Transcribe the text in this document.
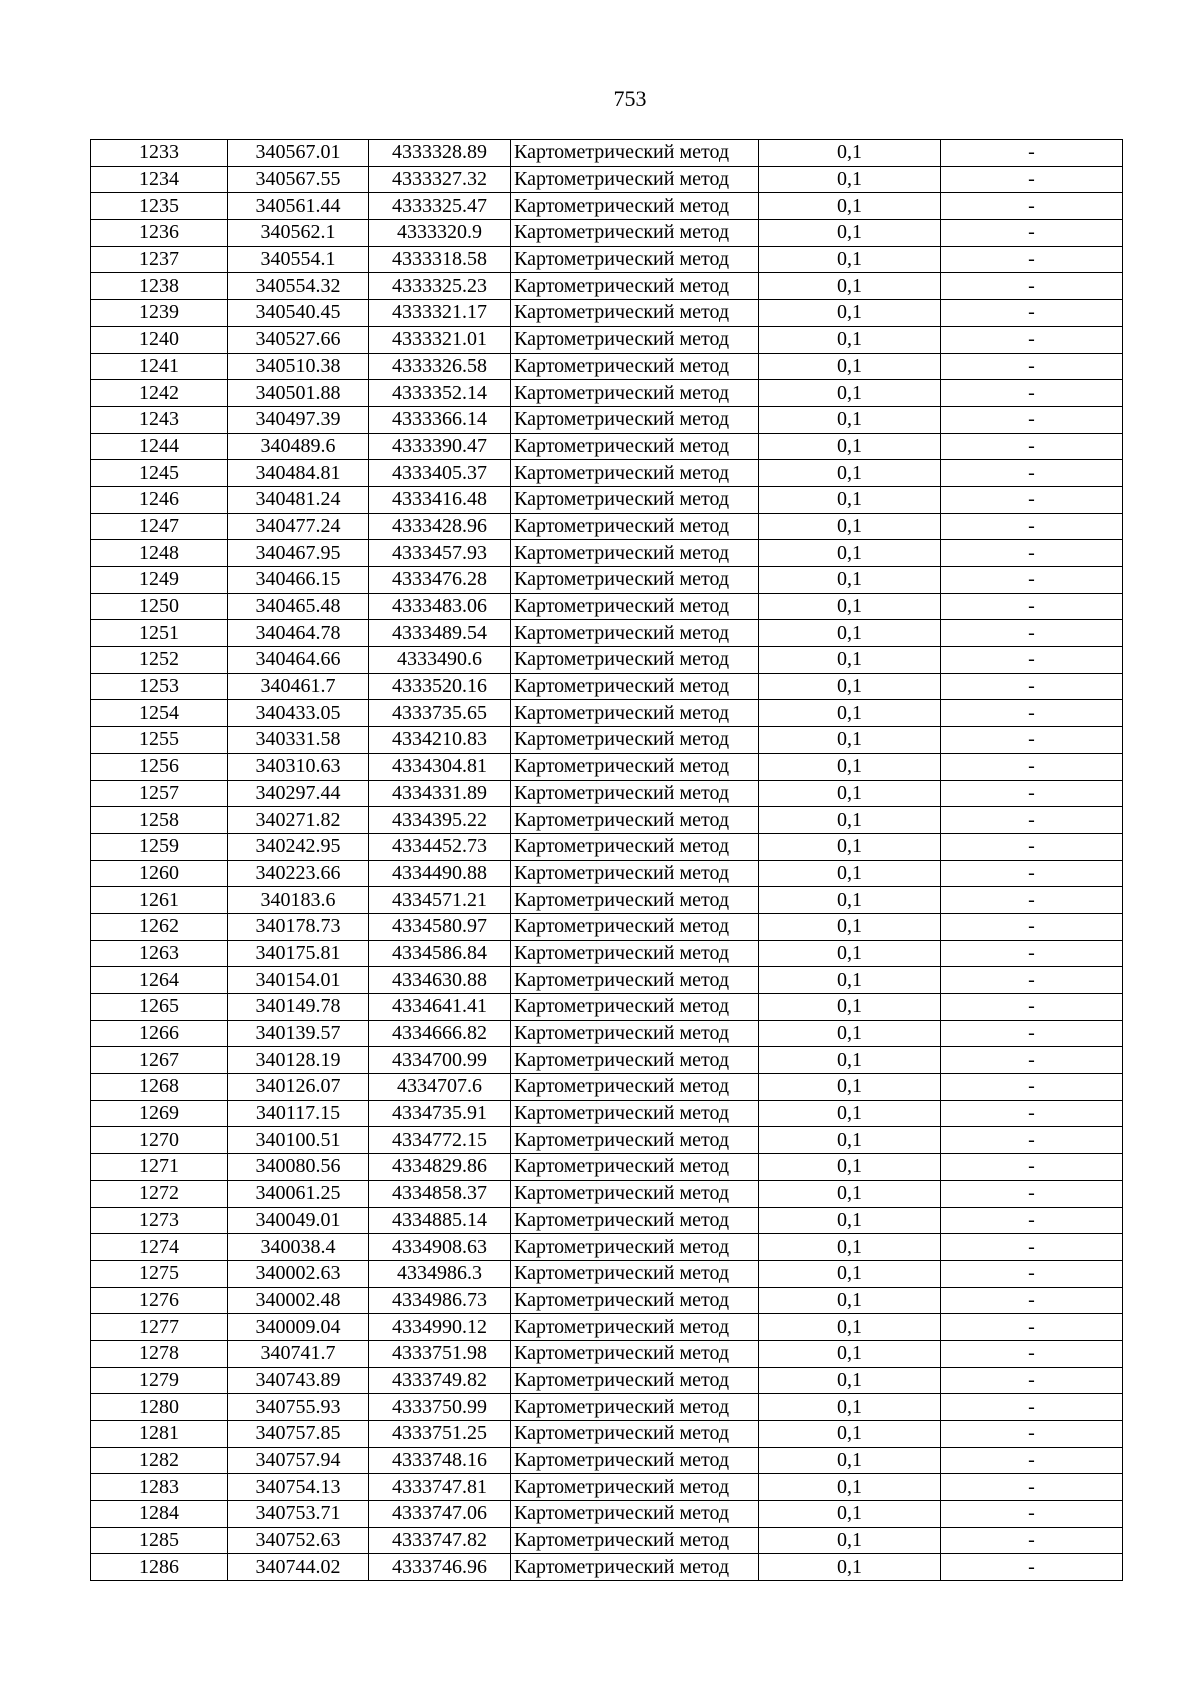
753
1233	340567.01	4333328.89	Картометрический метод	0,1	-
1234	340567.55	4333327.32	Картометрический метод	0,1	-
1235	340561.44	4333325.47	Картометрический метод	0,1	-
1236	340562.1	4333320.9	Картометрический метод	0,1	-
1237	340554.1	4333318.58	Картометрический метод	0,1	-
1238	340554.32	4333325.23	Картометрический метод	0,1	-
1239	340540.45	4333321.17	Картометрический метод	0,1	-
1240	340527.66	4333321.01	Картометрический метод	0,1	-
1241	340510.38	4333326.58	Картометрический метод	0,1	-
1242	340501.88	4333352.14	Картометрический метод	0,1	-
1243	340497.39	4333366.14	Картометрический метод	0,1	-
1244	340489.6	4333390.47	Картометрический метод	0,1	-
1245	340484.81	4333405.37	Картометрический метод	0,1	-
1246	340481.24	4333416.48	Картометрический метод	0,1	-
1247	340477.24	4333428.96	Картометрический метод	0,1	-
1248	340467.95	4333457.93	Картометрический метод	0,1	-
1249	340466.15	4333476.28	Картометрический метод	0,1	-
1250	340465.48	4333483.06	Картометрический метод	0,1	-
1251	340464.78	4333489.54	Картометрический метод	0,1	-
1252	340464.66	4333490.6	Картометрический метод	0,1	-
1253	340461.7	4333520.16	Картометрический метод	0,1	-
1254	340433.05	4333735.65	Картометрический метод	0,1	-
1255	340331.58	4334210.83	Картометрический метод	0,1	-
1256	340310.63	4334304.81	Картометрический метод	0,1	-
1257	340297.44	4334331.89	Картометрический метод	0,1	-
1258	340271.82	4334395.22	Картометрический метод	0,1	-
1259	340242.95	4334452.73	Картометрический метод	0,1	-
1260	340223.66	4334490.88	Картометрический метод	0,1	-
1261	340183.6	4334571.21	Картометрический метод	0,1	-
1262	340178.73	4334580.97	Картометрический метод	0,1	-
1263	340175.81	4334586.84	Картометрический метод	0,1	-
1264	340154.01	4334630.88	Картометрический метод	0,1	-
1265	340149.78	4334641.41	Картометрический метод	0,1	-
1266	340139.57	4334666.82	Картометрический метод	0,1	-
1267	340128.19	4334700.99	Картометрический метод	0,1	-
1268	340126.07	4334707.6	Картометрический метод	0,1	-
1269	340117.15	4334735.91	Картометрический метод	0,1	-
1270	340100.51	4334772.15	Картометрический метод	0,1	-
1271	340080.56	4334829.86	Картометрический метод	0,1	-
1272	340061.25	4334858.37	Картометрический метод	0,1	-
1273	340049.01	4334885.14	Картометрический метод	0,1	-
1274	340038.4	4334908.63	Картометрический метод	0,1	-
1275	340002.63	4334986.3	Картометрический метод	0,1	-
1276	340002.48	4334986.73	Картометрический метод	0,1	-
1277	340009.04	4334990.12	Картометрический метод	0,1	-
1278	340741.7	4333751.98	Картометрический метод	0,1	-
1279	340743.89	4333749.82	Картометрический метод	0,1	-
1280	340755.93	4333750.99	Картометрический метод	0,1	-
1281	340757.85	4333751.25	Картометрический метод	0,1	-
1282	340757.94	4333748.16	Картометрический метод	0,1	-
1283	340754.13	4333747.81	Картометрический метод	0,1	-
1284	340753.71	4333747.06	Картометрический метод	0,1	-
1285	340752.63	4333747.82	Картометрический метод	0,1	-
1286	340744.02	4333746.96	Картометрический метод	0,1	-
